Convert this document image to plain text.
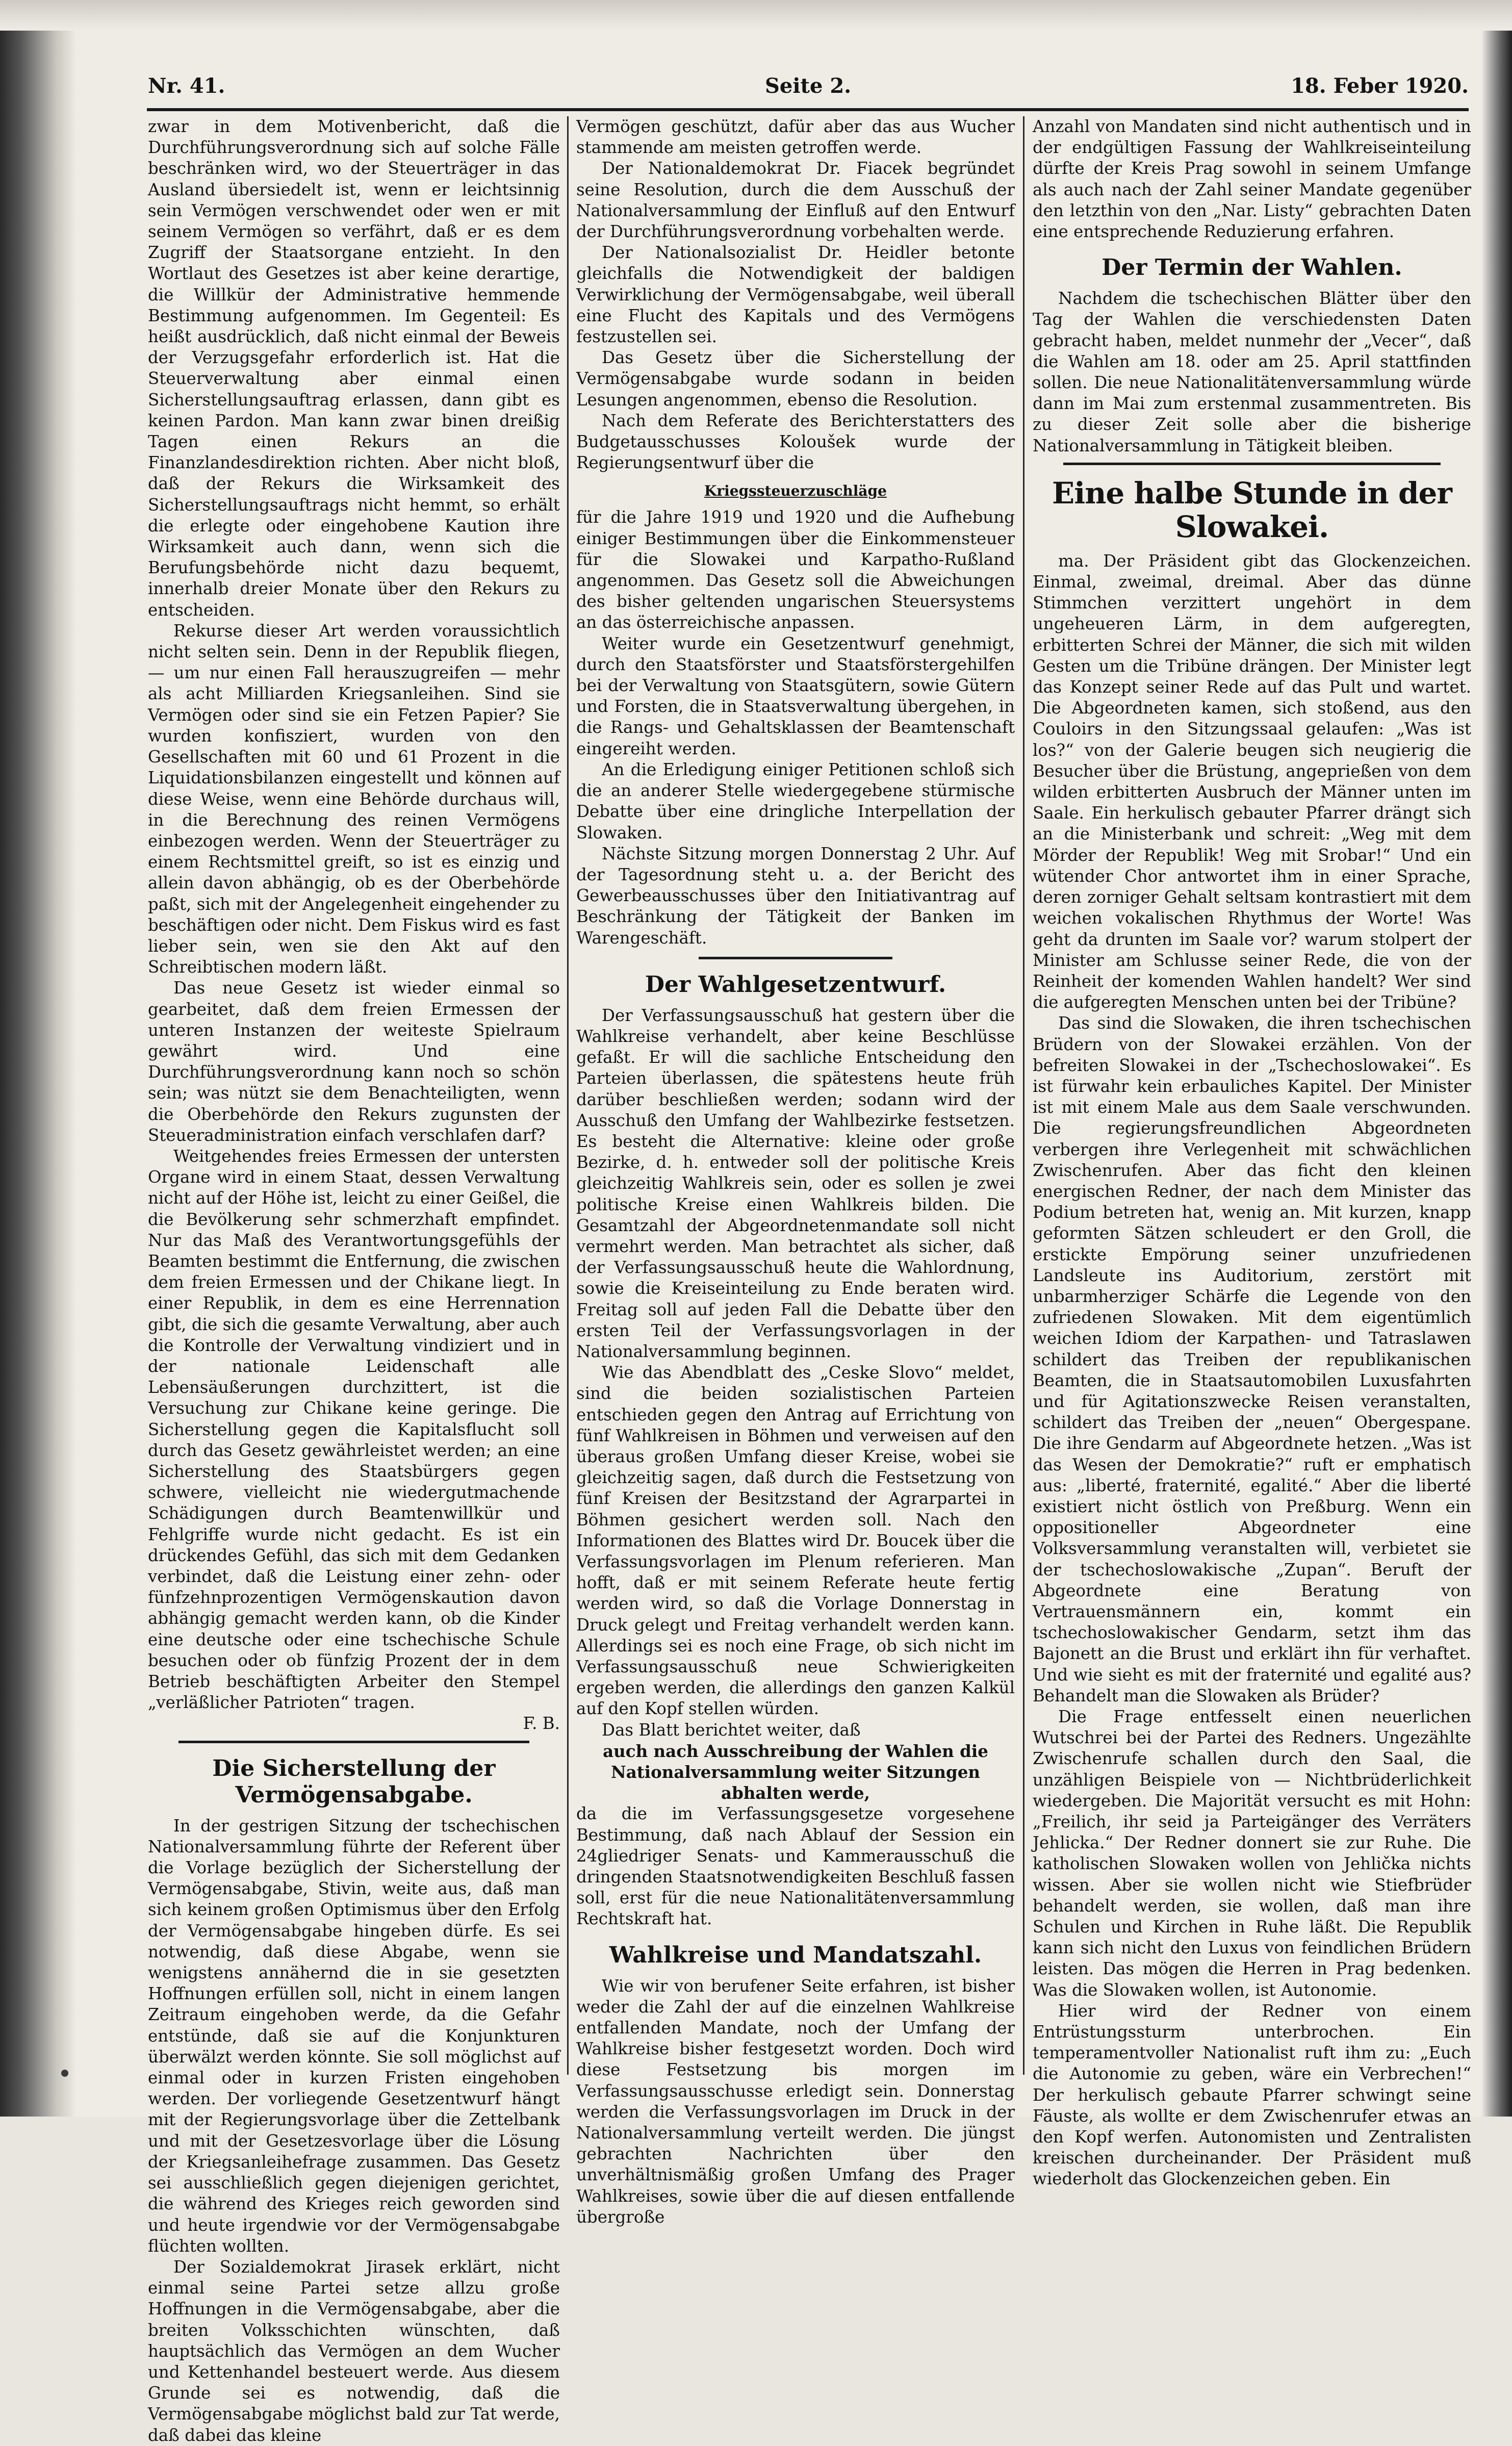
Nr. 41.	Seite 2.	18. Feber 1920.

zwar in dem Motivenbericht, daß die Durchführungsverordnung sich auf solche Fälle beschränken wird, wo der Steuerträger in das Ausland übersiedelt ist, wenn er leichtsinnig sein Vermögen verschwendet oder wen er mit seinem Vermögen so verfährt, daß er es dem Zugriff der Staatsorgane entzieht. In den Wortlaut des Gesetzes ist aber keine derartige, die Willkür der Administrative hemmende Bestimmung aufgenommen. Im Gegenteil: Es heißt ausdrücklich, daß nicht einmal der Beweis der Verzugsgefahr erforderlich ist. Hat die Steuerverwaltung aber einmal einen Sicherstellungsauftrag erlassen, dann gibt es keinen Pardon. Man kann zwar binen dreißig Tagen einen Rekurs an die Finanzlandesdirektion richten. Aber nicht bloß, daß der Rekurs die Wirksamkeit des Sicherstellungsauftrags nicht hemmt, so erhält die erlegte oder eingehobene Kaution ihre Wirksamkeit auch dann, wenn sich die Berufungsbehörde nicht dazu bequemt, innerhalb dreier Monate über den Rekurs zu entscheiden.

Rekurse dieser Art werden voraussichtlich nicht selten sein. Denn in der Republik fliegen, — um nur einen Fall herauszugreifen — mehr als acht Milliarden Kriegsanleihen. Sind sie Vermögen oder sind sie ein Fetzen Papier? Sie wurden konfisziert, wurden von den Gesellschaften mit 60 und 61 Prozent in die Liquidationsbilanzen eingestellt und können auf diese Weise, wenn eine Behörde durchaus will, in die Berechnung des reinen Vermögens einbezogen werden. Wenn der Steuerträger zu einem Rechtsmittel greift, so ist es einzig und allein davon abhängig, ob es der Oberbehörde paßt, sich mit der Angelegenheit eingehender zu beschäftigen oder nicht. Dem Fiskus wird es fast lieber sein, wen sie den Akt auf den Schreibtischen modern läßt.

Das neue Gesetz ist wieder einmal so gearbeitet, daß dem freien Ermessen der unteren Instanzen der weiteste Spielraum gewährt wird. Und eine Durchführungsverordnung kann noch so schön sein; was nützt sie dem Benachteiligten, wenn die Oberbehörde den Rekurs zugunsten der Steueradministration einfach verschlafen darf?

Weitgehendes freies Ermessen der untersten Organe wird in einem Staat, dessen Verwaltung nicht auf der Höhe ist, leicht zu einer Geißel, die die Bevölkerung sehr schmerzhaft empfindet. Nur das Maß des Verantwortungsgefühls der Beamten bestimmt die Entfernung, die zwischen dem freien Ermessen und der Chikane liegt. In einer Republik, in dem es eine Herrennation gibt, die sich die gesamte Verwaltung, aber auch die Kontrolle der Verwaltung vindiziert und in der nationale Leidenschaft alle Lebensäußerungen durchzittert, ist die Versuchung zur Chikane keine geringe. Die Sicherstellung gegen die Kapitalsflucht soll durch das Gesetz gewährleistet werden; an eine Sicherstellung des Staatsbürgers gegen schwere, vielleicht nie wiedergutmachende Schädigungen durch Beamtenwillkür und Fehlgriffe wurde nicht gedacht. Es ist ein drückendes Gefühl, das sich mit dem Gedanken verbindet, daß die Leistung einer zehn- oder fünfzehnprozentigen Vermögenskaution davon abhängig gemacht werden kann, ob die Kinder eine deutsche oder eine tschechische Schule besuchen oder ob fünfzig Prozent der in dem Betrieb beschäftigten Arbeiter den Stempel „verläßlicher Patrioten“ tragen.

F. B.

Die Sicherstellung der Vermögensabgabe.

In der gestrigen Sitzung der tschechischen Nationalversammlung führte der Referent über die Vorlage bezüglich der Sicherstellung der Vermögensabgabe, Stivin, weite aus, daß man sich keinem großen Optimismus über den Erfolg der Vermögensabgabe hingeben dürfe. Es sei notwendig, daß diese Abgabe, wenn sie wenigstens annähernd die in sie gesetzten Hoffnungen erfüllen soll, nicht in einem langen Zeitraum eingehoben werde, da die Gefahr entstünde, daß sie auf die Konjunkturen überwälzt werden könnte. Sie soll möglichst auf einmal oder in kurzen Fristen eingehoben werden. Der vorliegende Gesetzentwurf hängt mit der Regierungsvorlage über die Zettelbank und mit der Gesetzesvorlage über die Lösung der Kriegsanleihefrage zusammen. Das Gesetz sei ausschließlich gegen diejenigen gerichtet, die während des Krieges reich geworden sind und heute irgendwie vor der Vermögensabgabe flüchten wollten.

Der Sozialdemokrat Jirasek erklärt, nicht einmal seine Partei setze allzu große Hoffnungen in die Vermögensabgabe, aber die breiten Volksschichten wünschten, daß hauptsächlich das Vermögen an dem Wucher und Kettenhandel besteuert werde. Aus diesem Grunde sei es notwendig, daß die Vermögensabgabe möglichst bald zur Tat werde, daß dabei das kleine

Vermögen geschützt, dafür aber das aus Wucher stammende am meisten getroffen werde.

Der Nationaldemokrat Dr. Fiacek begründet seine Resolution, durch die dem Ausschuß der Nationalversammlung der Einfluß auf den Entwurf der Durchführungsverordnung vorbehalten werde.

Der Nationalsozialist Dr. Heidler betonte gleichfalls die Notwendigkeit der baldigen Verwirklichung der Vermögensabgabe, weil überall eine Flucht des Kapitals und des Vermögens festzustellen sei.

Das Gesetz über die Sicherstellung der Vermögensabgabe wurde sodann in beiden Lesungen angenommen, ebenso die Resolution.

Nach dem Referate des Berichterstatters des Budgetausschusses Koloušek wurde der Regierungsentwurf über die

Kriegssteuerzuschläge

für die Jahre 1919 und 1920 und die Aufhebung einiger Bestimmungen über die Einkommensteuer für die Slowakei und Karpatho-Rußland angenommen. Das Gesetz soll die Abweichungen des bisher geltenden ungarischen Steuersystems an das österreichische anpassen.

Weiter wurde ein Gesetzentwurf genehmigt, durch den Staatsförster und Staatsförstergehilfen bei der Verwaltung von Staatsgütern, sowie Gütern und Forsten, die in Staatsverwaltung übergehen, in die Rangs- und Gehaltsklassen der Beamtenschaft eingereiht werden.

An die Erledigung einiger Petitionen schloß sich die an anderer Stelle wiedergegebene stürmische Debatte über eine dringliche Interpellation der Slowaken.

Nächste Sitzung morgen Donnerstag 2 Uhr. Auf der Tagesordnung steht u. a. der Bericht des Gewerbeausschusses über den Initiativantrag auf Beschränkung der Tätigkeit der Banken im Warengeschäft.

Der Wahlgesetzentwurf.

Der Verfassungsausschuß hat gestern über die Wahlkreise verhandelt, aber keine Beschlüsse gefaßt. Er will die sachliche Entscheidung den Parteien überlassen, die spätestens heute früh darüber beschließen werden; sodann wird der Ausschuß den Umfang der Wahlbezirke festsetzen. Es besteht die Alternative: kleine oder große Bezirke, d. h. entweder soll der politische Kreis gleichzeitig Wahlkreis sein, oder es sollen je zwei politische Kreise einen Wahlkreis bilden. Die Gesamtzahl der Abgeordnetenmandate soll nicht vermehrt werden. Man betrachtet als sicher, daß der Verfassungsausschuß heute die Wahlordnung, sowie die Kreiseinteilung zu Ende beraten wird. Freitag soll auf jeden Fall die Debatte über den ersten Teil der Verfassungsvorlagen in der Nationalversammlung beginnen.

Wie das Abendblatt des „Ceske Slovo“ meldet, sind die beiden sozialistischen Parteien entschieden gegen den Antrag auf Errichtung von fünf Wahlkreisen in Böhmen und verweisen auf den überaus großen Umfang dieser Kreise, wobei sie gleichzeitig sagen, daß durch die Festsetzung von fünf Kreisen der Besitzstand der Agrarpartei in Böhmen gesichert werden soll. Nach den Informationen des Blattes wird Dr. Boucek über die Verfassungsvorlagen im Plenum referieren. Man hofft, daß er mit seinem Referate heute fertig werden wird, so daß die Vorlage Donnerstag in Druck gelegt und Freitag verhandelt werden kann. Allerdings sei es noch eine Frage, ob sich nicht im Verfassungsausschuß neue Schwierigkeiten ergeben werden, die allerdings den ganzen Kalkül auf den Kopf stellen würden.

Das Blatt berichtet weiter, daß

auch nach Ausschreibung der Wahlen die Nationalversammlung weiter Sitzungen abhalten werde,

da die im Verfassungsgesetze vorgesehene Bestimmung, daß nach Ablauf der Session ein 24gliedriger Senats- und Kammerausschuß die dringenden Staatsnotwendigkeiten Beschluß fassen soll, erst für die neue Nationalitätenversammlung Rechtskraft hat.

Wahlkreise und Mandatszahl.

Wie wir von berufener Seite erfahren, ist bisher weder die Zahl der auf die einzelnen Wahlkreise entfallenden Mandate, noch der Umfang der Wahlkreise bisher festgesetzt worden. Doch wird diese Festsetzung bis morgen im Verfassungsausschusse erledigt sein. Donnerstag werden die Verfassungsvorlagen im Druck in der Nationalversammlung verteilt werden. Die jüngst gebrachten Nachrichten über den unverhältnismäßig großen Umfang des Prager Wahlkreises, sowie über die auf diesen entfallende übergroße

Anzahl von Mandaten sind nicht authentisch und in der endgültigen Fassung der Wahlkreiseinteilung dürfte der Kreis Prag sowohl in seinem Umfange als auch nach der Zahl seiner Mandate gegenüber den letzthin von den „Nar. Listy“ gebrachten Daten eine entsprechende Reduzierung erfahren.

Der Termin der Wahlen.

Nachdem die tschechischen Blätter über den Tag der Wahlen die verschiedensten Daten gebracht haben, meldet nunmehr der „Vecer“, daß die Wahlen am 18. oder am 25. April stattfinden sollen. Die neue Nationalitätenversammlung würde dann im Mai zum erstenmal zusammentreten. Bis zu dieser Zeit solle aber die bisherige Nationalversammlung in Tätigkeit bleiben.

Eine halbe Stunde in der Slowakei.

ma. Der Präsident gibt das Glockenzeichen. Einmal, zweimal, dreimal. Aber das dünne Stimmchen verzittert ungehört in dem ungeheueren Lärm, in dem aufgeregten, erbitterten Schrei der Männer, die sich mit wilden Gesten um die Tribüne drängen. Der Minister legt das Konzept seiner Rede auf das Pult und wartet. Die Abgeordneten kamen, sich stoßend, aus den Couloirs in den Sitzungssaal gelaufen: „Was ist los?“ von der Galerie beugen sich neugierig die Besucher über die Brüstung, angeprießen von dem wilden erbitterten Ausbruch der Männer unten im Saale. Ein herkulisch gebauter Pfarrer drängt sich an die Ministerbank und schreit: „Weg mit dem Mörder der Republik! Weg mit Srobar!“ Und ein wütender Chor antwortet ihm in einer Sprache, deren zorniger Gehalt seltsam kontrastiert mit dem weichen vokalischen Rhythmus der Worte! Was geht da drunten im Saale vor? warum stolpert der Minister am Schlusse seiner Rede, die von der Reinheit der komenden Wahlen handelt? Wer sind die aufgeregten Menschen unten bei der Tribüne?

Das sind die Slowaken, die ihren tschechischen Brüdern von der Slowakei erzählen. Von der befreiten Slowakei in der „Tschechoslowakei“. Es ist fürwahr kein erbauliches Kapitel. Der Minister ist mit einem Male aus dem Saale verschwunden. Die regierungsfreundlichen Abgeordneten verbergen ihre Verlegenheit mit schwächlichen Zwischenrufen. Aber das ficht den kleinen energischen Redner, der nach dem Minister das Podium betreten hat, wenig an. Mit kurzen, knapp geformten Sätzen schleudert er den Groll, die erstickte Empörung seiner unzufriedenen Landsleute ins Auditorium, zerstört mit unbarmherziger Schärfe die Legende von den zufriedenen Slowaken. Mit dem eigentümlich weichen Idiom der Karpathen- und Tatraslawen schildert das Treiben der republikanischen Beamten, die in Staatsautomobilen Luxusfahrten und für Agitationszwecke Reisen veranstalten, schildert das Treiben der „neuen“ Obergespane. Die ihre Gendarm auf Abgeordnete hetzen. „Was ist das Wesen der Demokratie?“ ruft er emphatisch aus: „liberté, fraternité, egalité.“ Aber die liberté existiert nicht östlich von Preßburg. Wenn ein oppositioneller Abgeordneter eine Volksversammlung veranstalten will, verbietet sie der tschechoslowakische „Zupan“. Beruft der Abgeordnete eine Beratung von Vertrauensmännern ein, kommt ein tschechoslowakischer Gendarm, setzt ihm das Bajonett an die Brust und erklärt ihn für verhaftet. Und wie sieht es mit der fraternité und egalité aus? Behandelt man die Slowaken als Brüder?

Die Frage entfesselt einen neuerlichen Wutschrei bei der Partei des Redners. Ungezählte Zwischenrufe schallen durch den Saal, die unzähligen Beispiele von — Nichtbrüderlichkeit wiedergeben. Die Majorität versucht es mit Hohn: „Freilich, ihr seid ja Parteigänger des Verräters Jehlicka.“ Der Redner donnert sie zur Ruhe. Die katholischen Slowaken wollen von Jehlička nichts wissen. Aber sie wollen nicht wie Stiefbrüder behandelt werden, sie wollen, daß man ihre Schulen und Kirchen in Ruhe läßt. Die Republik kann sich nicht den Luxus von feindlichen Brüdern leisten. Das mögen die Herren in Prag bedenken. Was die Slowaken wollen, ist Autonomie.

Hier wird der Redner von einem Entrüstungssturm unterbrochen. Ein temperamentvoller Nationalist ruft ihm zu: „Euch die Autonomie zu geben, wäre ein Verbrechen!“ Der herkulisch gebaute Pfarrer schwingt seine Fäuste, als wollte er dem Zwischenrufer etwas an den Kopf werfen. Autonomisten und Zentralisten kreischen durcheinander. Der Präsident muß wiederholt das Glockenzeichen geben. Ein
